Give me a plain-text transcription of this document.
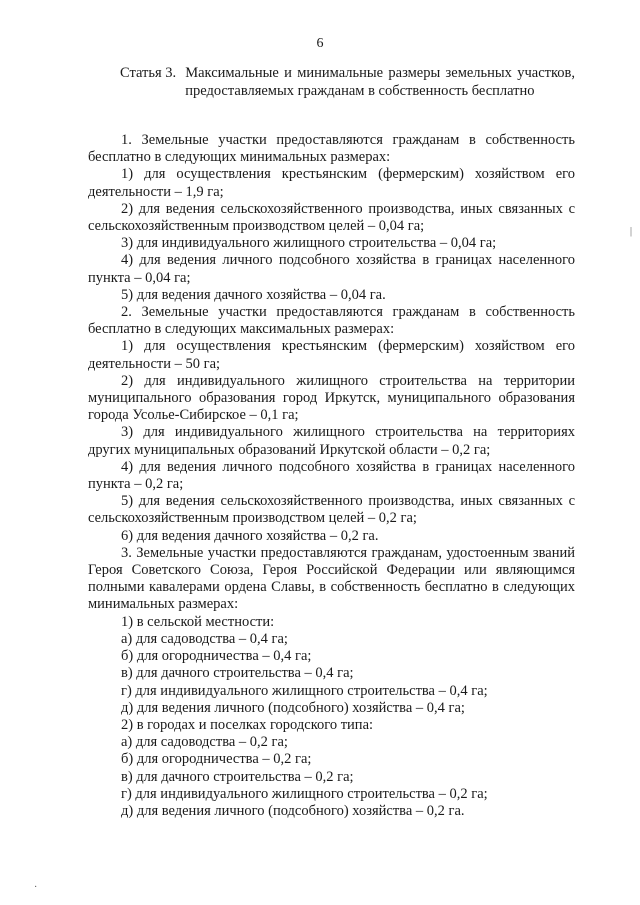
6
Статья 3. Максимальные и минимальные размеры земельных участков, предоставляемых гражданам в собственность бесплатно

1. Земельные участки предоставляются гражданам в собственность бесплатно в следующих минимальных размерах:

1) для осуществления крестьянским (фермерским) хозяйством его деятельности – 1,9 га;

2) для ведения сельскохозяйственного производства, иных связанных с сельскохозяйственным производством целей – 0,04 га;

3) для индивидуального жилищного строительства – 0,04 га;

4) для ведения личного подсобного хозяйства в границах населенного пункта – 0,04 га;

5) для ведения дачного хозяйства – 0,04 га.

2. Земельные участки предоставляются гражданам в собственность бесплатно в следующих максимальных размерах:

1) для осуществления крестьянским (фермерским) хозяйством его деятельности – 50 га;

2) для индивидуального жилищного строительства на территории муниципального образования город Иркутск, муниципального образования города Усолье-Сибирское – 0,1 га;

3) для индивидуального жилищного строительства на территориях других муниципальных образований Иркутской области – 0,2 га;

4) для ведения личного подсобного хозяйства в границах населенного пункта – 0,2 га;

5) для ведения сельскохозяйственного производства, иных связанных с сельскохозяйственным производством целей – 0,2 га;

6) для ведения дачного хозяйства – 0,2 га.

3. Земельные участки предоставляются гражданам, удостоенным званий Героя Советского Союза, Героя Российской Федерации или являющимся полными кавалерами ордена Славы, в собственность бесплатно в следующих минимальных размерах:

1) в сельской местности:

а) для садоводства – 0,4 га;

б) для огородничества – 0,4 га;

в) для дачного строительства – 0,4 га;

г) для индивидуального жилищного строительства – 0,4 га;

д) для ведения личного (подсобного) хозяйства – 0,4 га;

2) в городах и поселках городского типа:

а) для садоводства – 0,2 га;

б) для огородничества – 0,2 га;

в) для дачного строительства – 0,2 га;

г) для индивидуального жилищного строительства – 0,2 га;

д) для ведения личного (подсобного) хозяйства – 0,2 га.

|
·
